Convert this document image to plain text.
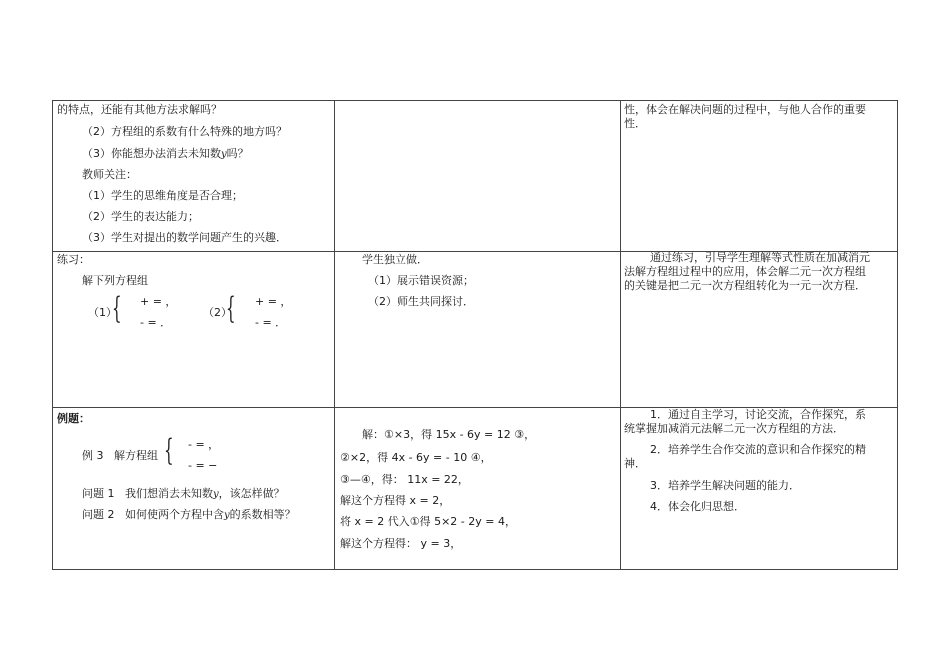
的特点，还能有其他方法求解吗？
（2）方程组的系数有什么特殊的地方吗？
（3）你能想办法消去未知数y吗？
教师关注：
（1）学生的思维角度是否合理；
（2）学生的表达能力；
（3）学生对提出的数学问题产生的兴趣．
性，体会在解决问题的过程中，与他人合作的重要
性．
练习：
解下列方程组
（1）
{ + = ，
- = ．
（2）
{ + = ，
- = ．
学生独立做．
（1）展示错误资源；
（2）师生共同探讨．
通过练习，引导学生理解等式性质在加减消元
法解方程组过程中的应用，体会解二元一次方程组
的关键是把二元一次方程组转化为一元一次方程．
例题：
例 3 解方程组 { - = ，
- = −
问题 1 我们想消去未知数y，该怎样做？
问题 2 如何使两个方程中含y的系数相等？
解：①×3，得 15x - 6y = 12 ③，
②×2，得 4x - 6y = - 10 ④，
③—④，得： 11x = 22，
解这个方程得 x = 2，
将 x = 2 代入①得 5×2 - 2y = 4，
解这个方程得： y = 3，
1．通过自主学习，讨论交流，合作探究，系
统掌握加减消元法解二元一次方程组的方法．
2．培养学生合作交流的意识和合作探究的精
神．
3．培养学生解决问题的能力．
4．体会化归思想．
